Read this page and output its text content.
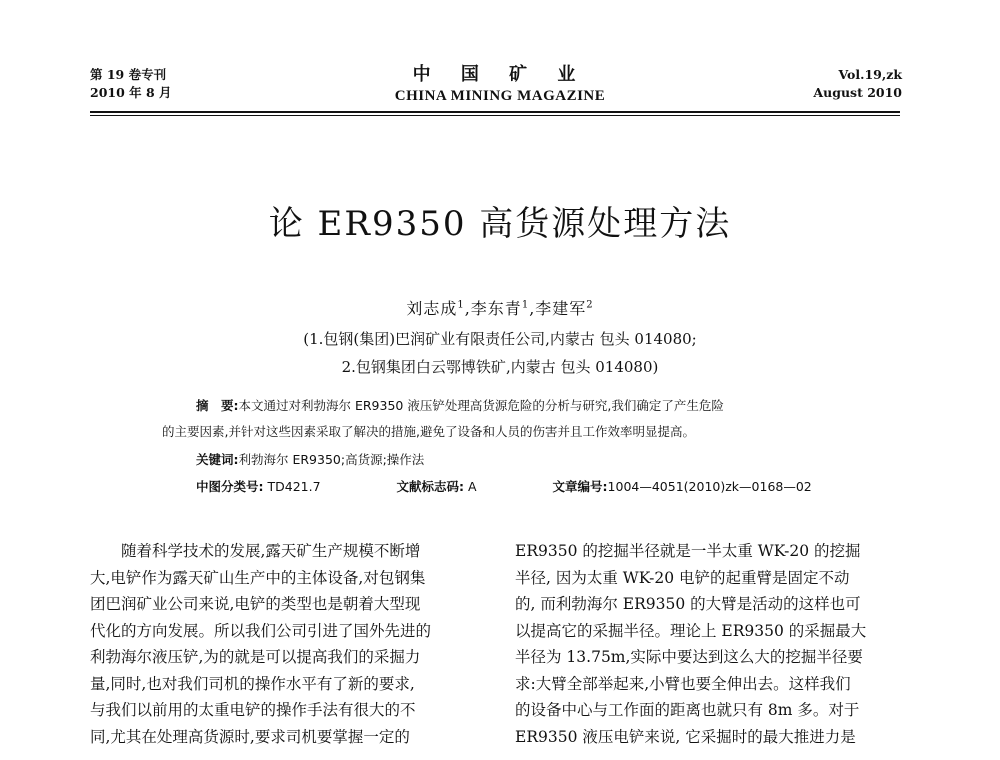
第 19 卷专刊
2010 年 8 月
中 国 矿 业
CHINA MINING MAGAZINE
Vol.19,zk
August 2010
论 ER9350 高货源处理方法
刘志成$^1$,李东青$^1$,李建军$^2$
(1.包钢(集团)巴润矿业有限责任公司,内蒙古 包头 014080;
2.包钢集团白云鄂博铁矿,内蒙古 包头 014080)
摘　要:本文通过对利勃海尔 ER9350 液压铲处理高货源危险的分析与研究,我们确定了产生危险
的主要因素,并针对这些因素采取了解决的措施,避免了设备和人员的伤害并且工作效率明显提高。
关键词:利勃海尔 ER9350;高货源;操作法
中图分类号: TD421.7	文献标志码: A	文章编号:1004—4051(2010)zk—0168—02
随着科学技术的发展,露天矿生产规模不断增
大,电铲作为露天矿山生产中的主体设备,对包钢集
团巴润矿业公司来说,电铲的类型也是朝着大型现
代化的方向发展。所以我们公司引进了国外先进的
利勃海尔液压铲,为的就是可以提高我们的采掘力
量,同时,也对我们司机的操作水平有了新的要求,
与我们以前用的太重电铲的操作手法有很大的不
同,尤其在处理高货源时,要求司机要掌握一定的
ER9350 的挖掘半径就是一半太重 WK-20 的挖掘
半径, 因为太重 WK-20 电铲的起重臂是固定不动
的, 而利勃海尔 ER9350 的大臂是活动的这样也可
以提高它的采掘半径。理论上 ER9350 的采掘最大
半径为 13.75m,实际中要达到这么大的挖掘半径要
求:大臂全部举起来,小臂也要全伸出去。这样我们
的设备中心与工作面的距离也就只有 8m 多。对于
ER9350 液压电铲来说, 它采掘时的最大推进力是
